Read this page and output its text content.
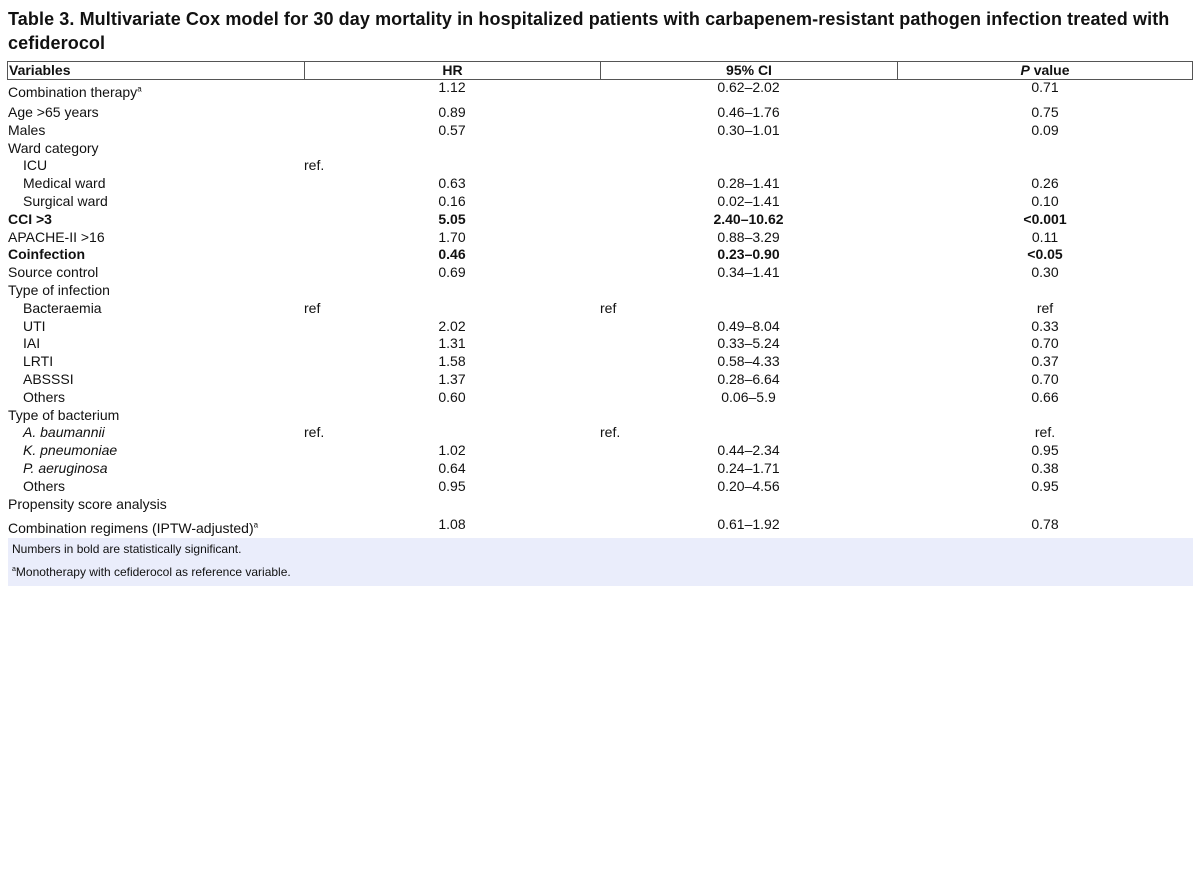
Table 3. Multivariate Cox model for 30 day mortality in hospitalized patients with carbapenem-resistant pathogen infection treated with cefiderocol
Variables	HR	95% CI	P value
Combination therapy$^a$	1.12	0.62–2.02	0.71
Age >65 years	0.89	0.46–1.76	0.75
Males	0.57	0.30–1.01	0.09
Ward category
ICU	ref.
Medical ward	0.63	0.28–1.41	0.26
Surgical ward	0.16	0.02–1.41	0.10
CCI >3	5.05	2.40–10.62	<0.001
APACHE-II >16	1.70	0.88–3.29	0.11
Coinfection	0.46	0.23–0.90	<0.05
Source control	0.69	0.34–1.41	0.30
Type of infection
Bacteraemia	ref	ref	ref
UTI	2.02	0.49–8.04	0.33
IAI	1.31	0.33–5.24	0.70
LRTI	1.58	0.58–4.33	0.37
ABSSSI	1.37	0.28–6.64	0.70
Others	0.60	0.06–5.9	0.66
Type of bacterium
A. baumannii	ref.	ref.	ref.
K. pneumoniae	1.02	0.44–2.34	0.95
P. aeruginosa	0.64	0.24–1.71	0.38
Others	0.95	0.20–4.56	0.95
Propensity score analysis
Combination regimens (IPTW-adjusted)$^a$	1.08	0.61–1.92	0.78
Numbers in bold are statistically significant.
$^a$Monotherapy with cefiderocol as reference variable.
